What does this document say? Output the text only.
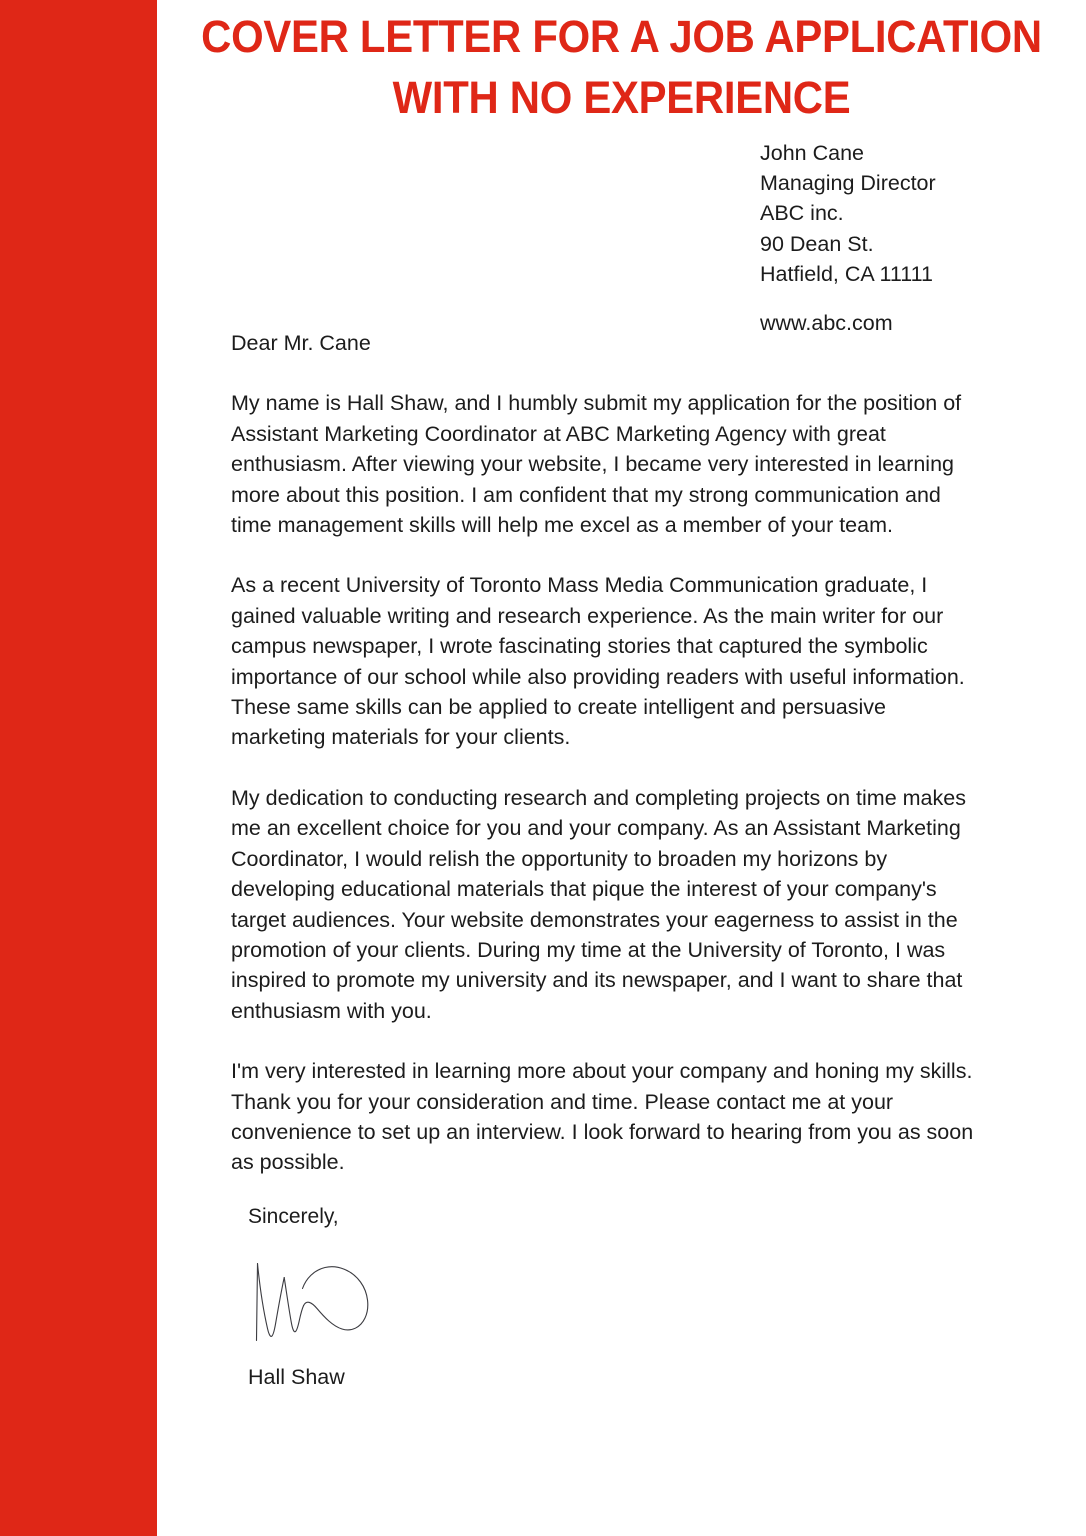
COVER LETTER FOR A JOB APPLICATION
WITH NO EXPERIENCE
John Cane
Managing Director
ABC inc.
90 Dean St.
Hatfield, CA 11111
www.abc.com
Dear Mr. Cane

My name is Hall Shaw, and I humbly submit my application for the position of Assistant Marketing Coordinator at ABC Marketing Agency with great enthusiasm. After viewing your website, I became very interested in learning more about this position. I am confident that my strong communication and time management skills will help me excel as a member of your team.

As a recent University of Toronto Mass Media Communication graduate, I gained valuable writing and research experience. As the main writer for our campus newspaper, I wrote fascinating stories that captured the symbolic importance of our school while also providing readers with useful information. These same skills can be applied to create intelligent and persuasive marketing materials for your clients.

My dedication to conducting research and completing projects on time makes me an excellent choice for you and your company. As an Assistant Marketing Coordinator, I would relish the opportunity to broaden my horizons by developing educational materials that pique the interest of your company's target audiences. Your website demonstrates your eagerness to assist in the promotion of your clients. During my time at the University of Toronto, I was inspired to promote my university and its newspaper, and I want to share that enthusiasm with you.

I'm very interested in learning more about your company and honing my skills. Thank you for your consideration and time. Please contact me at your convenience to set up an interview. I look forward to hearing from you as soon as possible.

Sincerely,
Hall Shaw
